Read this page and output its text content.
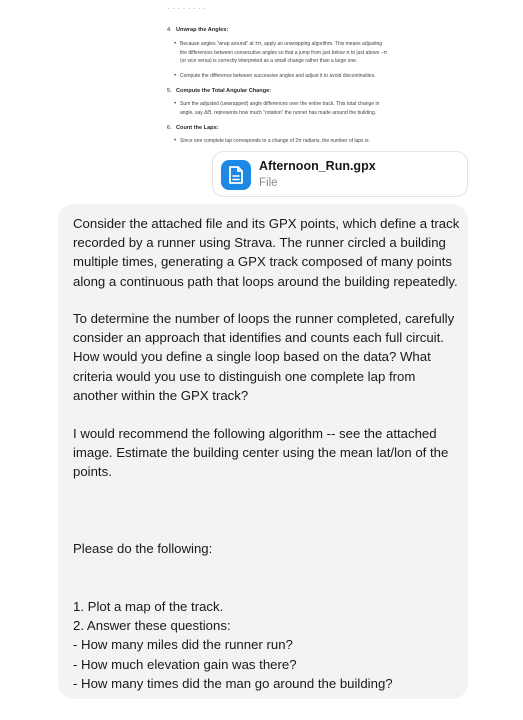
- - - - - - - -
4. Unwrap the Angles:
• Because angles “wrap around” at ±π, apply an unwrapping algorithm. This means adjusting
the differences between consecutive angles so that a jump from just below π to just above −π
(or vice versa) is correctly interpreted as a small change rather than a large one.
• Compute the difference between successive angles and adjust it to avoid discontinuities.
5. Compute the Total Angular Change:
• Sum the adjusted (unwrapped) angle differences over the entire track. This total change in
angle, say ΔΘ, represents how much “rotation” the runner has made around the building.
6. Count the Laps:
• Since one complete lap corresponds to a change of 2π radians, the number of laps is:
Afternoon_Run.gpx
File
Consider the attached file and its GPX points, which define a track
recorded by a runner using Strava. The runner circled a building
multiple times, generating a GPX track composed of many points
along a continuous path that loops around the building repeatedly.
To determine the number of loops the runner completed, carefully
consider an approach that identifies and counts each full circuit.
How would you define a single loop based on the data? What
criteria would you use to distinguish one complete lap from
another within the GPX track?
I would recommend the following algorithm -- see the attached
image. Estimate the building center using the mean lat/lon of the
points.
Please do the following:
1. Plot a map of the track.
2. Answer these questions:
- How many miles did the runner run?
- How much elevation gain was there?
- How many times did the man go around the building?
